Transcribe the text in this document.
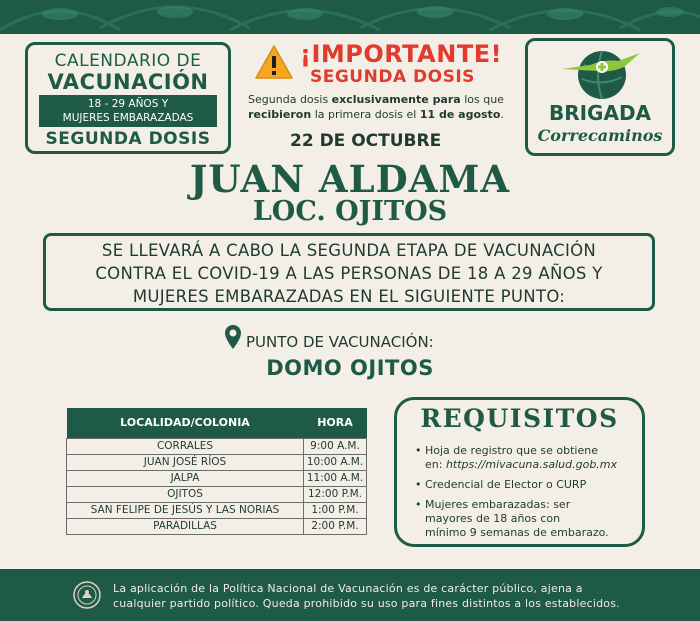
CALENDARIO DE
VACUNACIÓN
18 - 29 AÑOS Y
MUJERES EMBARAZADAS
SEGUNDA DOSIS
¡IMPORTANTE!
SEGUNDA DOSIS
Segunda dosis exclusivamente para los que
recibieron la primera dosis el 11 de agosto.
22 DE OCTUBRE
BRIGADA
Correcaminos
JUAN ALDAMA
LOC. OJITOS
SE LLEVARÁ A CABO LA SEGUNDA ETAPA DE VACUNACIÓN
CONTRA EL COVID-19 A LAS PERSONAS DE 18 A 29 AÑOS Y
MUJERES EMBARAZADAS EN EL SIGUIENTE PUNTO:
PUNTO DE VACUNACIÓN:
DOMO OJITOS
LOCALIDAD/COLONIA	HORA
CORRALES	9:00 A.M.
JUAN JOSÉ RÍOS	10:00 A.M.
JALPA	11:00 A.M.
OJITOS	12:00 P.M.
SAN FELIPE DE JESÚS Y LAS NORIAS	1:00 P.M.
PARADILLAS	2:00 P.M.
REQUISITOS
• Hoja de registro que se obtiene
en: https://mivacuna.salud.gob.mx
• Credencial de Elector o CURP
• Mujeres embarazadas: ser
mayores de 18 años con
mínimo 9 semanas de embarazo.
La aplicación de la Política Nacional de Vacunación es de carácter público, ajena a
cualquier partido político. Queda prohibido su uso para fines distintos a los establecidos.
